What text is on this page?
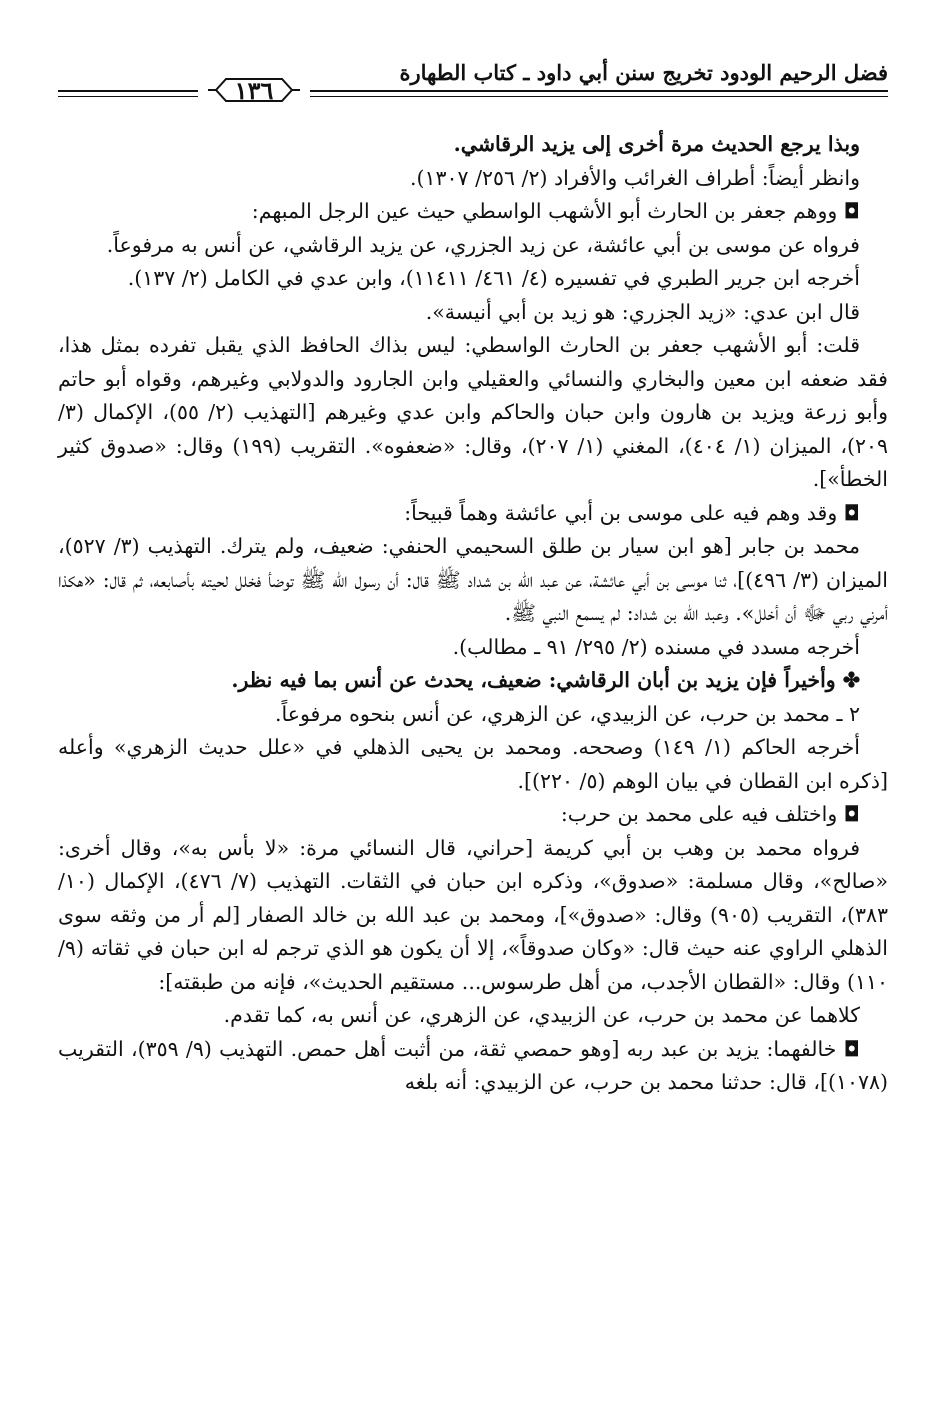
فضل الرحيم الودود تخريج سنن أبي داود ـ كتاب الطهارة
١٣٦

وبذا يرجع الحديث مرة أخرى إلى يزيد الرقاشي.

وانظر أيضاً: أطراف الغرائب والأفراد (٢/ ٢٥٦/ ١٣٠٧).

◘ ووهم جعفر بن الحارث أبو الأشهب الواسطي حيث عين الرجل المبهم:

فرواه عن موسى بن أبي عائشة، عن زيد الجزري، عن يزيد الرقاشي، عن أنس به مرفوعاً.

أخرجه ابن جرير الطبري في تفسيره (٤/ ٤٦١/ ١١٤١١)، وابن عدي في الكامل (٢/ ١٣٧).

قال ابن عدي: «زيد الجزري: هو زيد بن أبي أنيسة».

قلت: أبو الأشهب جعفر بن الحارث الواسطي: ليس بذاك الحافظ الذي يقبل تفرده بمثل هذا، فقد ضعفه ابن معين والبخاري والنسائي والعقيلي وابن الجارود والدولابي وغيرهم، وقواه أبو حاتم وأبو زرعة ويزيد بن هارون وابن حبان والحاكم وابن عدي وغيرهم [التهذيب (٢/ ٥٥)، الإكمال (٣/ ٢٠٩)، الميزان (١/ ٤٠٤)، المغني (١/ ٢٠٧)، وقال: «ضعفوه». التقريب (١٩٩) وقال: «صدوق كثير الخطأ»].

◘ وقد وهم فيه على موسى بن أبي عائشة وهماً قبيحاً:

محمد بن جابر [هو ابن سيار بن طلق السحيمي الحنفي: ضعيف، ولم يترك. التهذيب (٣/ ٥٢٧)، الميزان (٣/ ٤٩٦)]، ثنا موسى بن أبي عائشة، عن عبد الله بن شداد ﷺ قال: أن رسول الله ﷺ توضأ فخلل لحيته بأصابعه، ثم قال: «هكذا أمرني ربي ﷻ أن أخلل». وعبد الله بن شداد: لم يسمع النبي ﷺ.

أخرجه مسدد في مسنده (٢/ ٢٩٥/ ٩١ ـ مطالب).

✤ وأخيراً فإن يزيد بن أبان الرقاشي: ضعيف، يحدث عن أنس بما فيه نظر.

٢ ـ محمد بن حرب، عن الزبيدي، عن الزهري، عن أنس بنحوه مرفوعاً.

أخرجه الحاكم (١/ ١٤٩) وصححه. ومحمد بن يحيى الذهلي في «علل حديث الزهري» وأعله [ذكره ابن القطان في بيان الوهم (٥/ ٢٢٠)].

◘ واختلف فيه على محمد بن حرب:

فرواه محمد بن وهب بن أبي كريمة [حراني، قال النسائي مرة: «لا بأس به»، وقال أخرى: «صالح»، وقال مسلمة: «صدوق»، وذكره ابن حبان في الثقات. التهذيب (٧/ ٤٧٦)، الإكمال (١٠/ ٣٨٣)، التقريب (٩٠٥) وقال: «صدوق»]، ومحمد بن عبد الله بن خالد الصفار [لم أر من وثقه سوى الذهلي الراوي عنه حيث قال: «وكان صدوقاً»، إلا أن يكون هو الذي ترجم له ابن حبان في ثقاته (٩/ ١١٠) وقال: «القطان الأجدب، من أهل طرسوس... مستقيم الحديث»، فإنه من طبقته]:

كلاهما عن محمد بن حرب، عن الزبيدي، عن الزهري، عن أنس به، كما تقدم.

◘ خالفهما: يزيد بن عبد ربه [وهو حمصي ثقة، من أثبت أهل حمص. التهذيب (٩/ ٣٥٩)، التقريب (١٠٧٨)]، قال: حدثنا محمد بن حرب، عن الزبيدي: أنه بلغه
